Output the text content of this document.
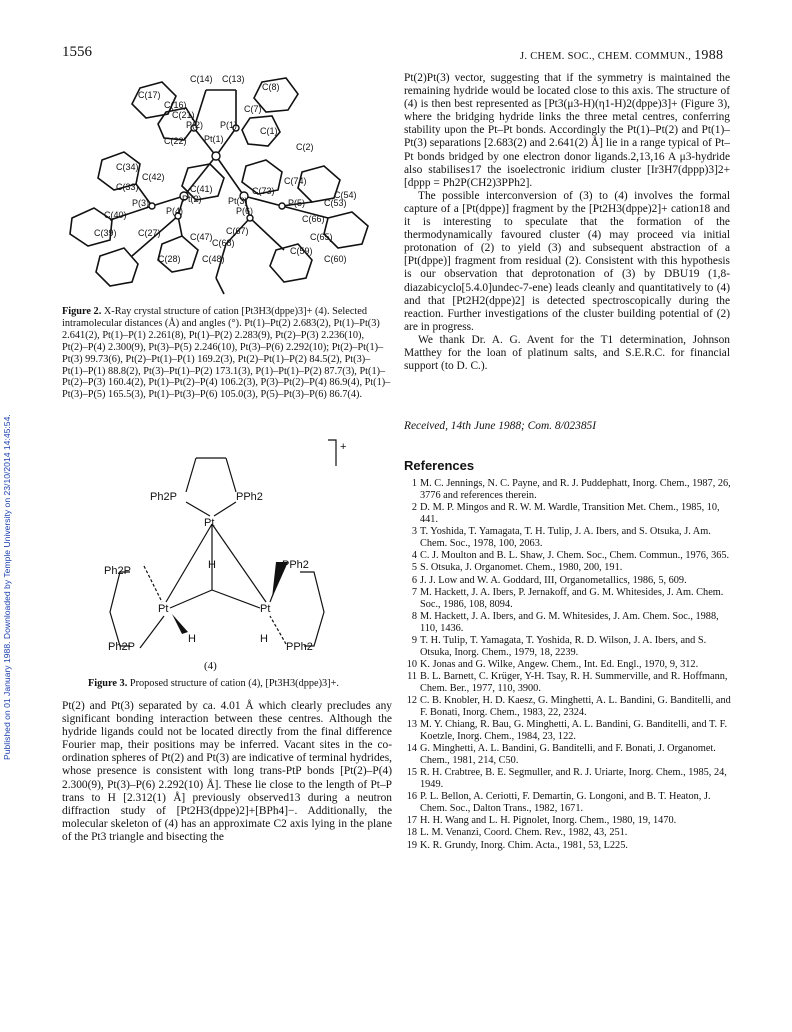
1556	J. CHEM. SOC., CHEM. COMMUN., 1988
Published on 01 January 1988. Downloaded by Temple University on 23/10/2014 14:45:54.
C(14) C(13)
C(8)
C(17)
C(16)
C(21)
P(2) P(1)
C(7)
C(1)
C(2)
C(22) Pt(1)
C(34)
C(42)
C(33)	C(41)
Pt(2)	Pt(3)
C(73)
C(74)
C(54)
C(53)
P(3)
P(4)	P(6)
P(5)
C(66)
C(40)
C(39) C(27)	C(47)
C(67)
C(68)
C(65)
C(59)
C(60)
C(28) C(48)
Figure 2. X-Ray crystal structure of cation [Pt3H3(dppe)3]+ (4). Selected intramolecular distances (Å) and angles (°). Pt(1)–Pt(2) 2.683(2), Pt(1)–Pt(3) 2.641(2), Pt(1)–P(1) 2.261(8), Pt(1)–P(2) 2.283(9), Pt(2)–P(3) 2.236(10), Pt(2)–P(4) 2.300(9), Pt(3)–P(5) 2.246(10), Pt(3)–P(6) 2.292(10); Pt(2)–Pt(1)–Pt(3) 99.73(6), Pt(2)–Pt(1)–P(1) 169.2(3), Pt(2)–Pt(1)–P(2) 84.5(2), Pt(3)–Pt(1)–P(1) 88.8(2), Pt(3)–Pt(1)–P(2) 173.1(3), P(1)–Pt(1)–P(2) 87.7(3), Pt(1)–Pt(2)–P(3) 160.4(2), Pt(1)–Pt(2)–P(4) 106.2(3), P(3)–Pt(2)–P(4) 86.9(4), Pt(1)–Pt(3)–P(5) 165.5(3), Pt(1)–Pt(3)–P(6) 105.0(3), P(5)–Pt(3)–P(6) 86.7(4).
+
Ph2P	PPh2
Pt
H
Ph2P	PPh2
Pt	Pt
Ph2P
H	H
PPh2
(4)
Figure 3. Proposed structure of cation (4), [Pt3H3(dppe)3]+.

Pt(2) and Pt(3) separated by ca. 4.01 Å which clearly precludes any significant bonding interaction between these centres. Although the hydride ligands could not be located directly from the final difference Fourier map, their positions may be inferred. Vacant sites in the co-ordination spheres of Pt(2) and Pt(3) are indicative of terminal hydrides, whose presence is consistent with long trans-PtP bonds [Pt(2)–P(4) 2.300(9), Pt(3)–P(6) 2.292(10) Å]. These lie close to the length of Pt–P trans to H [2.312(1) Å] previously observed13 during a neutron diffraction study of [Pt2H3(dppe)2]+[BPh4]−. Additionally, the molecular skeleton of (4) has an approximate C2 axis lying in the plane of the Pt3 triangle and bisecting the

Pt(2)Pt(3) vector, suggesting that if the symmetry is maintained the remaining hydride would be located close to this axis. The structure of (4) is then best represented as [Pt3(μ3-H)(η1-H)2(dppe)3]+ (Figure 3), where the bridging hydride links the three metal centres, conferring stability upon the Pt–Pt bonds. Accordingly the Pt(1)–Pt(2) and Pt(1)–Pt(3) separations [2.683(2) and 2.641(2) Å] lie in a range typical of Pt–Pt bonds bridged by one electron donor ligands.2,13,16 A μ3-hydride also stabilises17 the isoelectronic iridium cluster [Ir3H7(dppp)3]2+ [dppp = Ph2P(CH2)3PPh2].

The possible interconversion of (3) to (4) involves the formal capture of a [Pt(dppe)] fragment by the [Pt2H3(dppe)2]+ cation18 and it is interesting to speculate that the formation of the thermodynamically favoured cluster (4) may proceed via initial protonation of (2) to yield (3) and subsequent abstraction of a [Pt(dppe)] fragment from residual (2). Consistent with this hypothesis is our observation that deprotonation of (3) by DBU19 (1,8-diazabicyclo[5.4.0]undec-7-ene) leads cleanly and quantitatively to (4) and that [Pt2H2(dppe)2] is detected spectroscopically during the reaction. Further investigations of the cluster building potential of (2) are in progress.

We thank Dr. A. G. Avent for the T1 determination, Johnson Matthey for the loan of platinum salts, and S.E.R.C. for financial support (to D. C.).

Received, 14th June 1988; Com. 8/02385I
References
1 M. C. Jennings, N. C. Payne, and R. J. Puddephatt, Inorg. Chem., 1987, 26, 3776 and references therein.
2 D. M. P. Mingos and R. W. M. Wardle, Transition Met. Chem., 1985, 10, 441.
3 T. Yoshida, T. Yamagata, T. H. Tulip, J. A. Ibers, and S. Otsuka, J. Am. Chem. Soc., 1978, 100, 2063.
4 C. J. Moulton and B. L. Shaw, J. Chem. Soc., Chem. Commun., 1976, 365.
5 S. Otsuka, J. Organomet. Chem., 1980, 200, 191.
6 J. J. Low and W. A. Goddard, III, Organometallics, 1986, 5, 609.
7 M. Hackett, J. A. Ibers, P. Jernakoff, and G. M. Whitesides, J. Am. Chem. Soc., 1986, 108, 8094.
8 M. Hackett, J. A. Ibers, and G. M. Whitesides, J. Am. Chem. Soc., 1988, 110, 1436.
9 T. H. Tulip, T. Yamagata, T. Yoshida, R. D. Wilson, J. A. Ibers, and S. Otsuka, Inorg. Chem., 1979, 18, 2239.
10 K. Jonas and G. Wilke, Angew. Chem., Int. Ed. Engl., 1970, 9, 312.
11 B. L. Barnett, C. Krüger, Y-H. Tsay, R. H. Summerville, and R. Hoffmann, Chem. Ber., 1977, 110, 3900.
12 C. B. Knobler, H. D. Kaesz, G. Minghetti, A. L. Bandini, G. Banditelli, and F. Bonati, Inorg. Chem., 1983, 22, 2324.
13 M. Y. Chiang, R. Bau, G. Minghetti, A. L. Bandini, G. Banditelli, and T. F. Koetzle, Inorg. Chem., 1984, 23, 122.
14 G. Minghetti, A. L. Bandini, G. Banditelli, and F. Bonati, J. Organomet. Chem., 1981, 214, C50.
15 R. H. Crabtree, B. E. Segmuller, and R. J. Uriarte, Inorg. Chem., 1985, 24, 1949.
16 P. L. Bellon, A. Ceriotti, F. Demartin, G. Longoni, and B. T. Heaton, J. Chem. Soc., Dalton Trans., 1982, 1671.
17 H. H. Wang and L. H. Pignolet, Inorg. Chem., 1980, 19, 1470.
18 L. M. Venanzi, Coord. Chem. Rev., 1982, 43, 251.
19 K. R. Grundy, Inorg. Chim. Acta., 1981, 53, L225.
